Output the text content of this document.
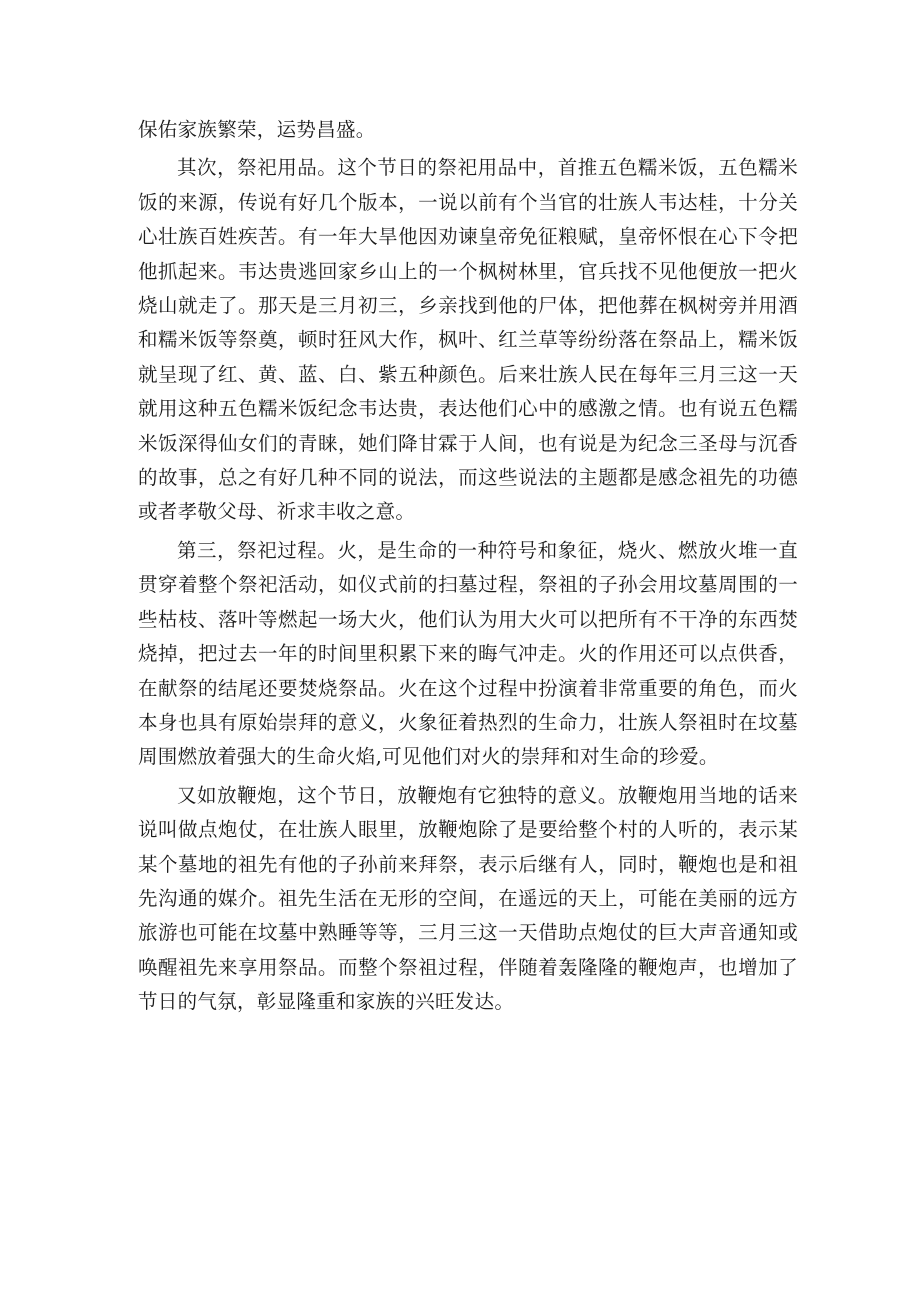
保佑家族繁荣，运势昌盛。

其次，祭祀用品。这个节日的祭祀用品中，首推五色糯米饭，五色糯米饭的来源，传说有好几个版本，一说以前有个当官的壮族人韦达桂，十分关心壮族百姓疾苦。有一年大旱他因劝谏皇帝免征粮赋，皇帝怀恨在心下令把他抓起来。韦达贵逃回家乡山上的一个枫树林里，官兵找不见他便放一把火烧山就走了。那天是三月初三，乡亲找到他的尸体，把他葬在枫树旁并用酒和糯米饭等祭奠，顿时狂风大作，枫叶、红兰草等纷纷落在祭品上，糯米饭就呈现了红、黄、蓝、白、紫五种颜色。后来壮族人民在每年三月三这一天就用这种五色糯米饭纪念韦达贵，表达他们心中的感激之情。也有说五色糯米饭深得仙女们的青睐，她们降甘霖于人间，也有说是为纪念三圣母与沉香的故事，总之有好几种不同的说法，而这些说法的主题都是感念祖先的功德或者孝敬父母、祈求丰收之意。

第三，祭祀过程。火，是生命的一种符号和象征，烧火、燃放火堆一直贯穿着整个祭祀活动，如仪式前的扫墓过程，祭祖的子孙会用坟墓周围的一些枯枝、落叶等燃起一场大火，他们认为用大火可以把所有不干净的东西焚烧掉，把过去一年的时间里积累下来的晦气冲走。火的作用还可以点供香，在献祭的结尾还要焚烧祭品。火在这个过程中扮演着非常重要的角色，而火本身也具有原始崇拜的意义，火象征着热烈的生命力，壮族人祭祖时在坟墓周围燃放着强大的生命火焰,可见他们对火的崇拜和对生命的珍爱。

又如放鞭炮，这个节日，放鞭炮有它独特的意义。放鞭炮用当地的话来说叫做点炮仗，在壮族人眼里，放鞭炮除了是要给整个村的人听的，表示某某个墓地的祖先有他的子孙前来拜祭，表示后继有人，同时，鞭炮也是和祖先沟通的媒介。祖先生活在无形的空间，在遥远的天上，可能在美丽的远方旅游也可能在坟墓中熟睡等等，三月三这一天借助点炮仗的巨大声音通知或唤醒祖先来享用祭品。而整个祭祖过程，伴随着轰隆隆的鞭炮声，也增加了节日的气氛，彰显隆重和家族的兴旺发达。
